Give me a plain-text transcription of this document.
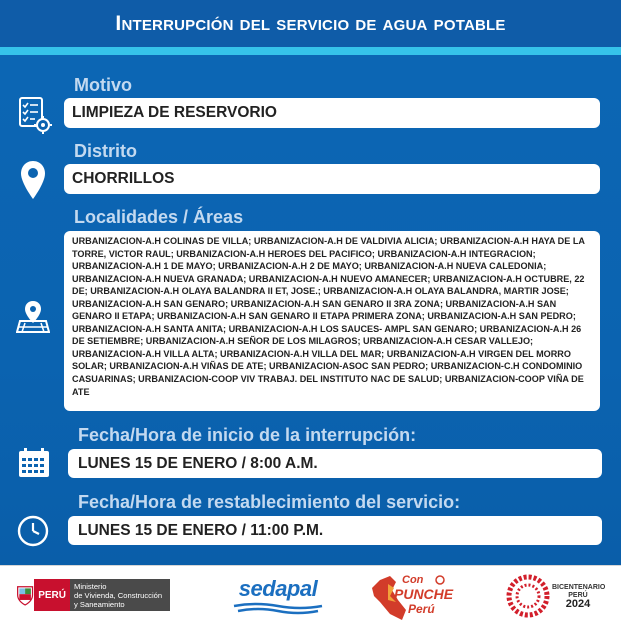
Interrupción del servicio de agua potable
Motivo
LIMPIEZA DE RESERVORIO
Distrito
CHORRILLOS
Localidades / Áreas
URBANIZACION-A.H COLINAS DE VILLA; URBANIZACION-A.H DE VALDIVIA ALICIA; URBANIZACION-A.H HAYA DE LA TORRE, VICTOR RAUL; URBANIZACION-A.H HEROES DEL PACIFICO; URBANIZACION-A.H INTEGRACION; URBANIZACION-A.H 1 DE MAYO; URBANIZACION-A.H 2 DE MAYO; URBANIZACION-A.H NUEVA CALEDONIA; URBANIZACION-A.H NUEVA GRANADA; URBANIZACION-A.H NUEVO AMANECER; URBANIZACION-A.H OCTUBRE, 22 DE; URBANIZACION-A.H OLAYA BALANDRA II ET, JOSE.; URBANIZACION-A.H OLAYA BALANDRA, MARTIR JOSE; URBANIZACION-A.H SAN GENARO; URBANIZACION-A.H SAN GENARO II 3RA ZONA; URBANIZACION-A.H SAN GENARO II ETAPA; URBANIZACION-A.H SAN GENARO II ETAPA PRIMERA ZONA; URBANIZACION-A.H SAN PEDRO; URBANIZACION-A.H SANTA ANITA; URBANIZACION-A.H LOS SAUCES- AMPL SAN GENARO; URBANIZACION-A.H 26 DE SETIEMBRE; URBANIZACION-A.H SEÑOR DE LOS MILAGROS; URBANIZACION-A.H CESAR VALLEJO; URBANIZACION-A.H VILLA ALTA; URBANIZACION-A.H VILLA DEL MAR; URBANIZACION-A.H VIRGEN DEL MORRO SOLAR; URBANIZACION-A.H VIÑAS DE ATE; URBANIZACION-ASOC SAN PEDRO; URBANIZACION-C.H CONDOMINIO CASUARINAS; URBANIZACION-COOP VIV TRABAJ. DEL INSTITUTO NAC DE SALUD; URBANIZACION-COOP VIÑA DE ATE
Fecha/Hora de inicio de la interrupción:
LUNES 15 DE ENERO / 8:00 A.M.
Fecha/Hora de restablecimiento del servicio:
LUNES 15 DE ENERO / 11:00 P.M.
PERÚ
Ministerio
de Vivienda, Construcción
y Saneamiento
sedapal	Con
PUNCHE
Perú
BICENTENARIO
PERÚ
2024
